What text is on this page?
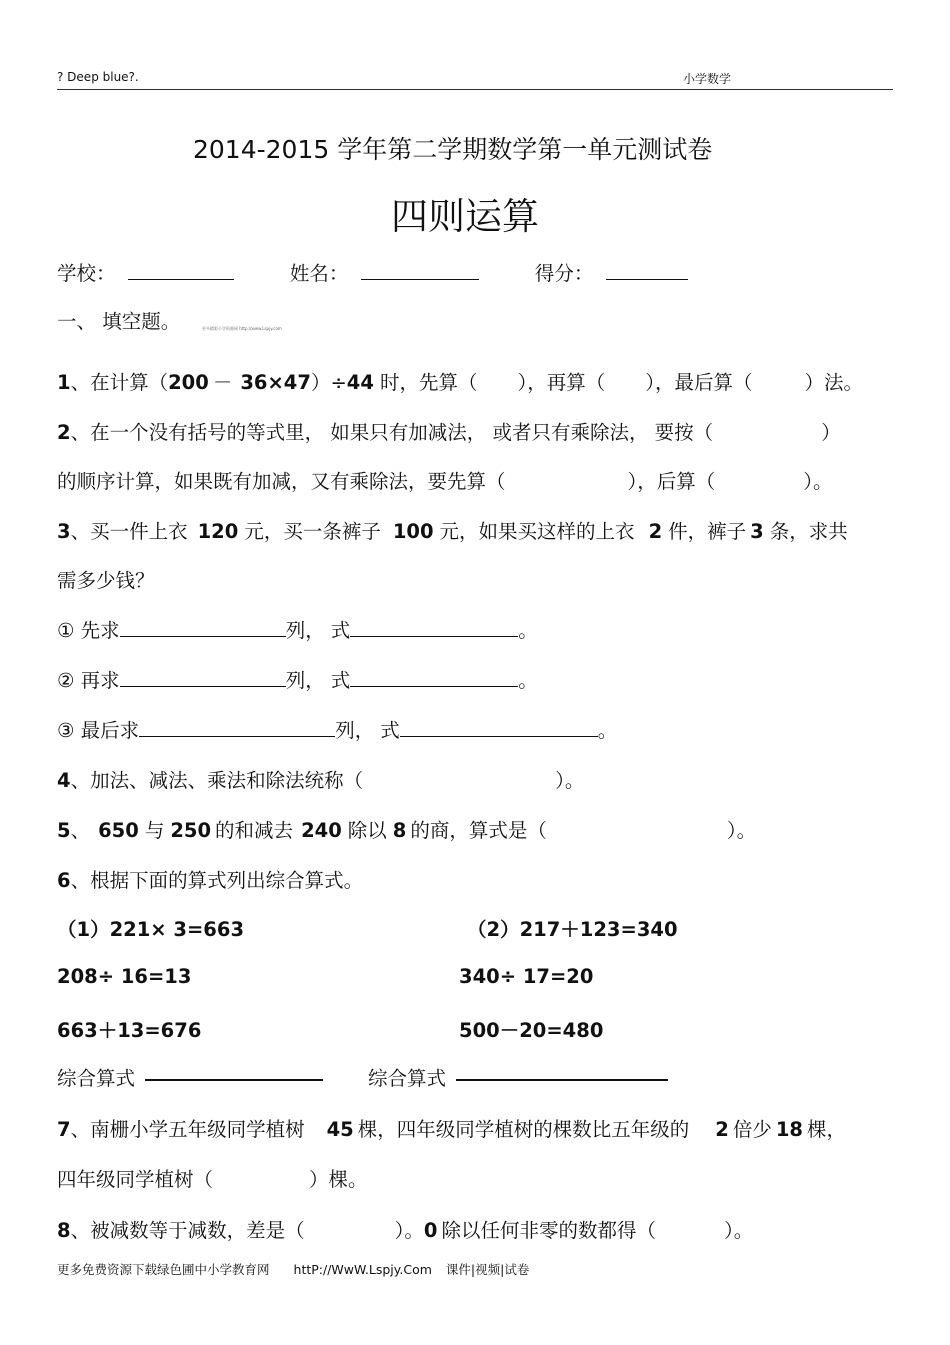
? Deep blue?.	小学数学
2014-2015 学年第二学期数学第一单元测试卷
四则运算
学校：	姓名：	得分：
一、 填空题。	更多精彩小学资源网 http://www.Lspjy.com
1、在计算（200 － 36×47）÷44 时，先算（ ），再算（ ），最后算（	）法。
2、在一个没有括号的等式里， 如果只有加减法， 或者只有乘除法， 要按（	）
的顺序计算，如果既有加减，又有乘除法，要先算（	），后算（	）。
3、买一件上衣 120 元，买一条裤子 100 元，如果买这样的上衣 2 件，裤子 3 条，求共
需多少钱？
① 先求	列， 式	。
② 再求	列， 式	。
③ 最后求	列， 式	。
4、加法、减法、乘法和除法统称（	）。
5、 650 与 250 的和减去 240 除以 8 的商，算式是（	）。
6、根据下面的算式列出综合算式。
（1）221× 3=663	（2）217＋123=340
208÷ 16=13	340÷ 17=20
663＋13=676	500－20=480
综合算式	综合算式
7、南栅小学五年级同学植树 45 棵，四年级同学植树的棵数比五年级的 2 倍少 18 棵，
四年级同学植树（	）棵。
8、被减数等于减数，差是（	）。0 除以任何非零的数都得（	）。
更多免费资源下载绿色圃中小学教育网 httP://WwW.Lspjy.Com 课件|视频|试卷
